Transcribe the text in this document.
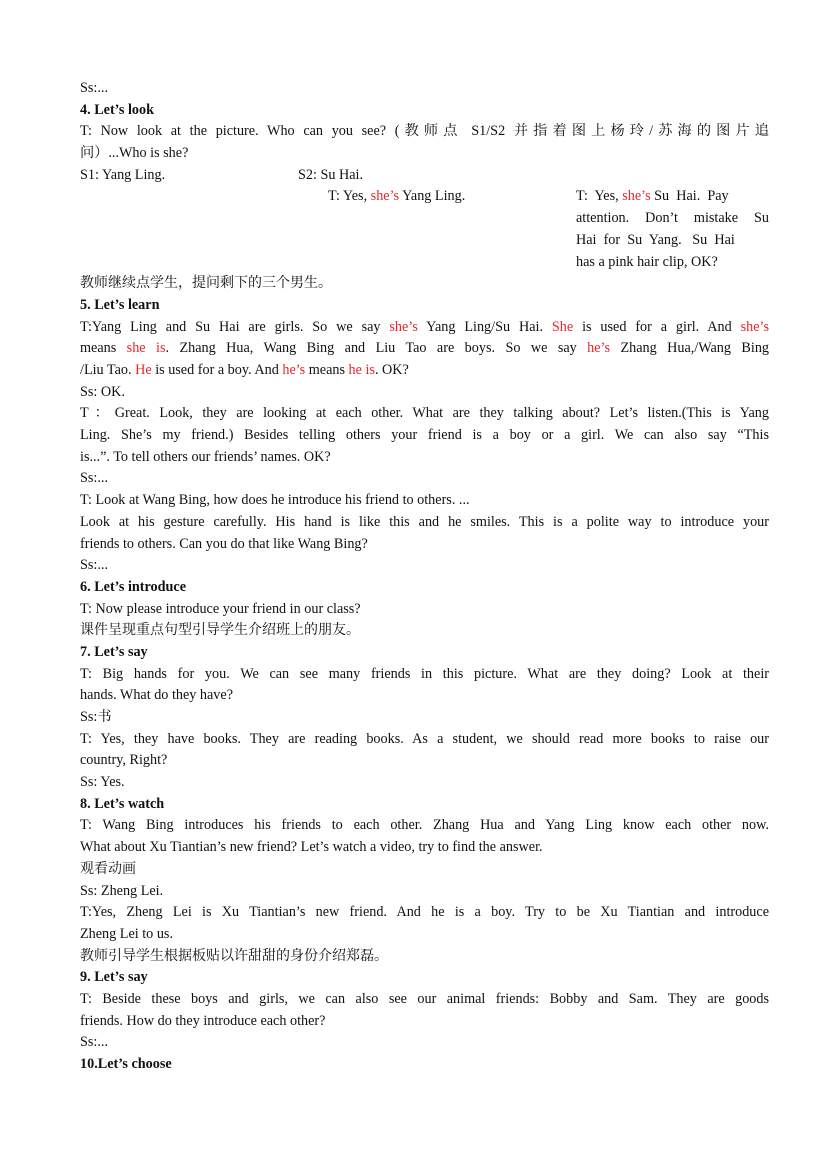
Ss:...
4. Let’s look
T: Now look at the picture. Who can you see? (教师点 S1/S2 并指着图上杨玲/苏海的图片追
问）...Who is she?
S1: Yang Ling.	S2: Su Hai.
T: Yes, she’s Yang Ling.	T:  Yes, she’s Su  Hai.  Pay
attention. Don’t mistake Su
Hai  for  Su  Yang.   Su  Hai
has a pink hair clip, OK?
教师继续点学生，提问剩下的三个男生。
5. Let’s learn
T:Yang Ling and Su Hai are girls. So we say she’s Yang Ling/Su Hai. She is used for a girl. And she’s
means she is. Zhang Hua, Wang Bing and Liu Tao are boys. So we say he’s Zhang Hua,/Wang Bing
/Liu Tao. He is used for a boy. And he’s means he is. OK?
Ss: OK.
T：Great. Look, they are looking at each other. What are they talking about? Let’s listen.(This is Yang
Ling. She’s my friend.) Besides telling others your friend is a boy or a girl. We can also say “This
is...”. To tell others our friends’ names. OK?
Ss:...
T: Look at Wang Bing, how does he introduce his friend to others. ...
Look at his gesture carefully. His hand is like this and he smiles. This is a polite way to introduce your
friends to others. Can you do that like Wang Bing?
Ss:...
6. Let’s introduce
T: Now please introduce your friend in our class?
课件呈现重点句型引导学生介绍班上的朋友。
7. Let’s say
T: Big hands for you. We can see many friends in this picture. What are they doing? Look at their
hands. What do they have?
Ss:书
T: Yes, they have books. They are reading books. As a student, we should read more books to raise our
country, Right?
Ss: Yes.
8. Let’s watch
T: Wang Bing introduces his friends to each other. Zhang Hua and Yang Ling know each other now.
What about Xu Tiantian’s new friend? Let’s watch a video, try to find the answer.
观看动画
Ss: Zheng Lei.
T:Yes, Zheng Lei is Xu Tiantian’s new friend. And he is a boy. Try to be Xu Tiantian and introduce
Zheng Lei to us.
教师引导学生根据板贴以许甜甜的身份介绍郑磊。
9. Let’s say
T: Beside these boys and girls, we can also see our animal friends: Bobby and Sam. They are goods
friends. How do they introduce each other?
Ss:...
10.Let’s choose
